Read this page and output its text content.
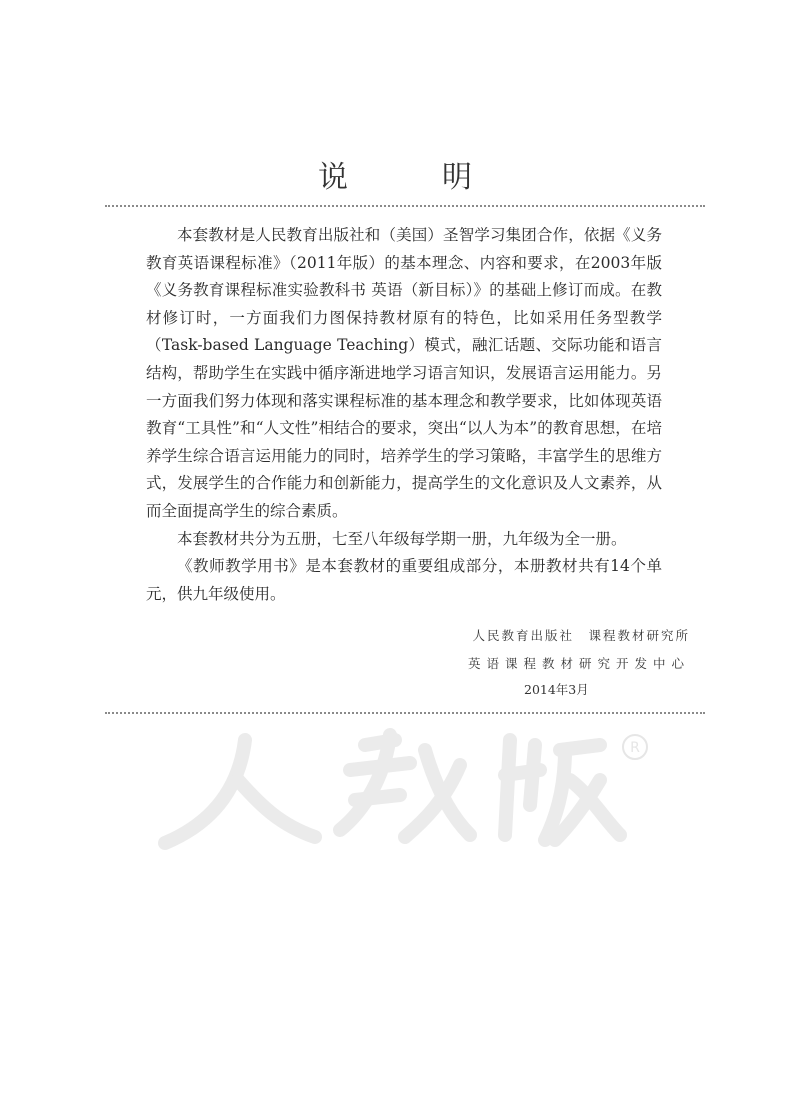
说　明

本套教材是人民教育出版社和（美国）圣智学习集团合作，依据《义务教育英语课程标准》（2011年版）的基本理念、内容和要求，在2003年版《义务教育课程标准实验教科书 英语（新目标）》的基础上修订而成。在教材修订时，一方面我们力图保持教材原有的特色，比如采用任务型教学（Task-based Language Teaching）模式，融汇话题、交际功能和语言结构，帮助学生在实践中循序渐进地学习语言知识，发展语言运用能力。另一方面我们努力体现和落实课程标准的基本理念和教学要求，比如体现英语教育“工具性”和“人文性”相结合的要求，突出“以人为本”的教育思想，在培养学生综合语言运用能力的同时，培养学生的学习策略，丰富学生的思维方式，发展学生的合作能力和创新能力，提高学生的文化意识及人文素养，从而全面提高学生的综合素质。

本套教材共分为五册，七至八年级每学期一册，九年级为全一册。

《教师教学用书》是本套教材的重要组成部分，本册教材共有14个单元，供九年级使用。

人民教育出版社　课程教材研究所
英语课程教材研究开发中心
2014年3月
R
